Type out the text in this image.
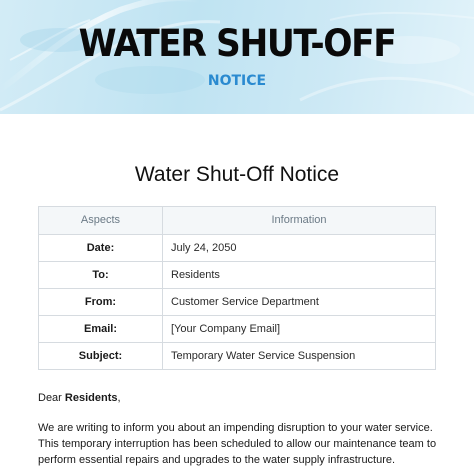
WATER SHUT-OFF
NOTICE
Water Shut-Off Notice
Aspects	Information
Date:	July 24, 2050
To:	Residents
From:	Customer Service Department
Email:	[Your Company Email]
Subject:	Temporary Water Service Suspension
Dear Residents,

We are writing to inform you about an impending disruption to your water service. This temporary interruption has been scheduled to allow our maintenance team to perform essential repairs and upgrades to the water supply infrastructure.
